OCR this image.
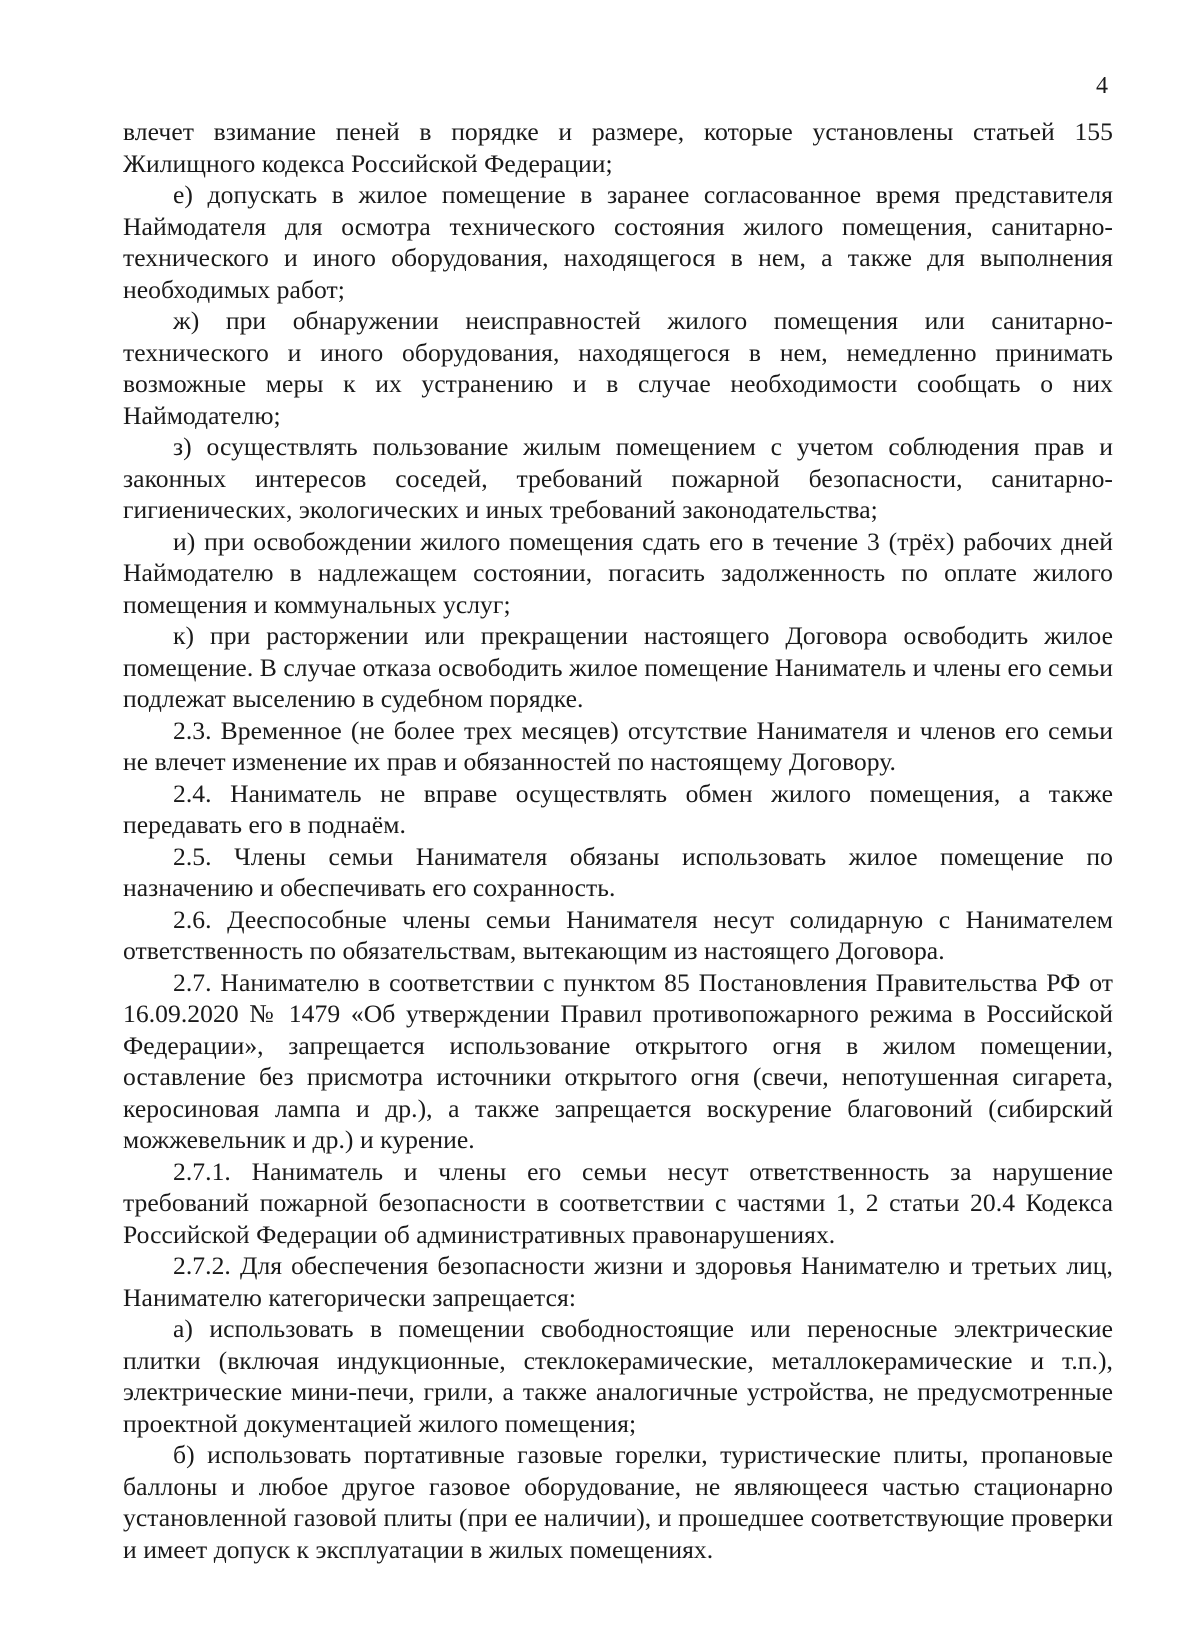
4

влечет взимание пеней в порядке и размере, которые установлены статьей 155 Жилищного кодекса Российской Федерации;

е) допускать в жилое помещение в заранее согласованное время представителя Наймодателя для осмотра технического состояния жилого помещения, санитарно-технического и иного оборудования, находящегося в нем, а также для выполнения необходимых работ;

ж) при обнаружении неисправностей жилого помещения или санитарно-технического и иного оборудования, находящегося в нем, немедленно принимать возможные меры к их устранению и в случае необходимости сообщать о них Наймодателю;

з) осуществлять пользование жилым помещением с учетом соблюдения прав и законных интересов соседей, требований пожарной безопасности, санитарно-гигиенических, экологических и иных требований законодательства;

и) при освобождении жилого помещения сдать его в течение 3 (трёх) рабочих дней Наймодателю в надлежащем состоянии, погасить задолженность по оплате жилого помещения и коммунальных услуг;

к) при расторжении или прекращении настоящего Договора освободить жилое помещение. В случае отказа освободить жилое помещение Наниматель и члены его семьи подлежат выселению в судебном порядке.

2.3. Временное (не более трех месяцев) отсутствие Нанимателя и членов его семьи не влечет изменение их прав и обязанностей по настоящему Договору.

2.4. Наниматель не вправе осуществлять обмен жилого помещения, а также передавать его в поднаём.

2.5. Члены семьи Нанимателя обязаны использовать жилое помещение по назначению и обеспечивать его сохранность.

2.6. Дееспособные члены семьи Нанимателя несут солидарную с Нанимателем ответственность по обязательствам, вытекающим из настоящего Договора.

2.7. Нанимателю в соответствии с пунктом 85 Постановления Правительства РФ от 16.09.2020 № 1479 «Об утверждении Правил противопожарного режима в Российской Федерации», запрещается использование открытого огня в жилом помещении, оставление без присмотра источники открытого огня (свечи, непотушенная сигарета, керосиновая лампа и др.), а также запрещается воскурение благовоний (сибирский можжевельник и др.) и курение.

2.7.1. Наниматель и члены его семьи несут ответственность за нарушение требований пожарной безопасности в соответствии с частями 1, 2 статьи 20.4 Кодекса Российской Федерации об административных правонарушениях.

2.7.2. Для обеспечения безопасности жизни и здоровья Нанимателю и третьих лиц, Нанимателю категорически запрещается:

а) использовать в помещении свободностоящие или переносные электрические плитки (включая индукционные, стеклокерамические, металлокерамические и т.п.), электрические мини-печи, грили, а также аналогичные устройства, не предусмотренные проектной документацией жилого помещения;

б) использовать портативные газовые горелки, туристические плиты, пропановые баллоны и любое другое газовое оборудование, не являющееся частью стационарно установленной газовой плиты (при ее наличии), и прошедшее соответствующие проверки и имеет допуск к эксплуатации в жилых помещениях.
